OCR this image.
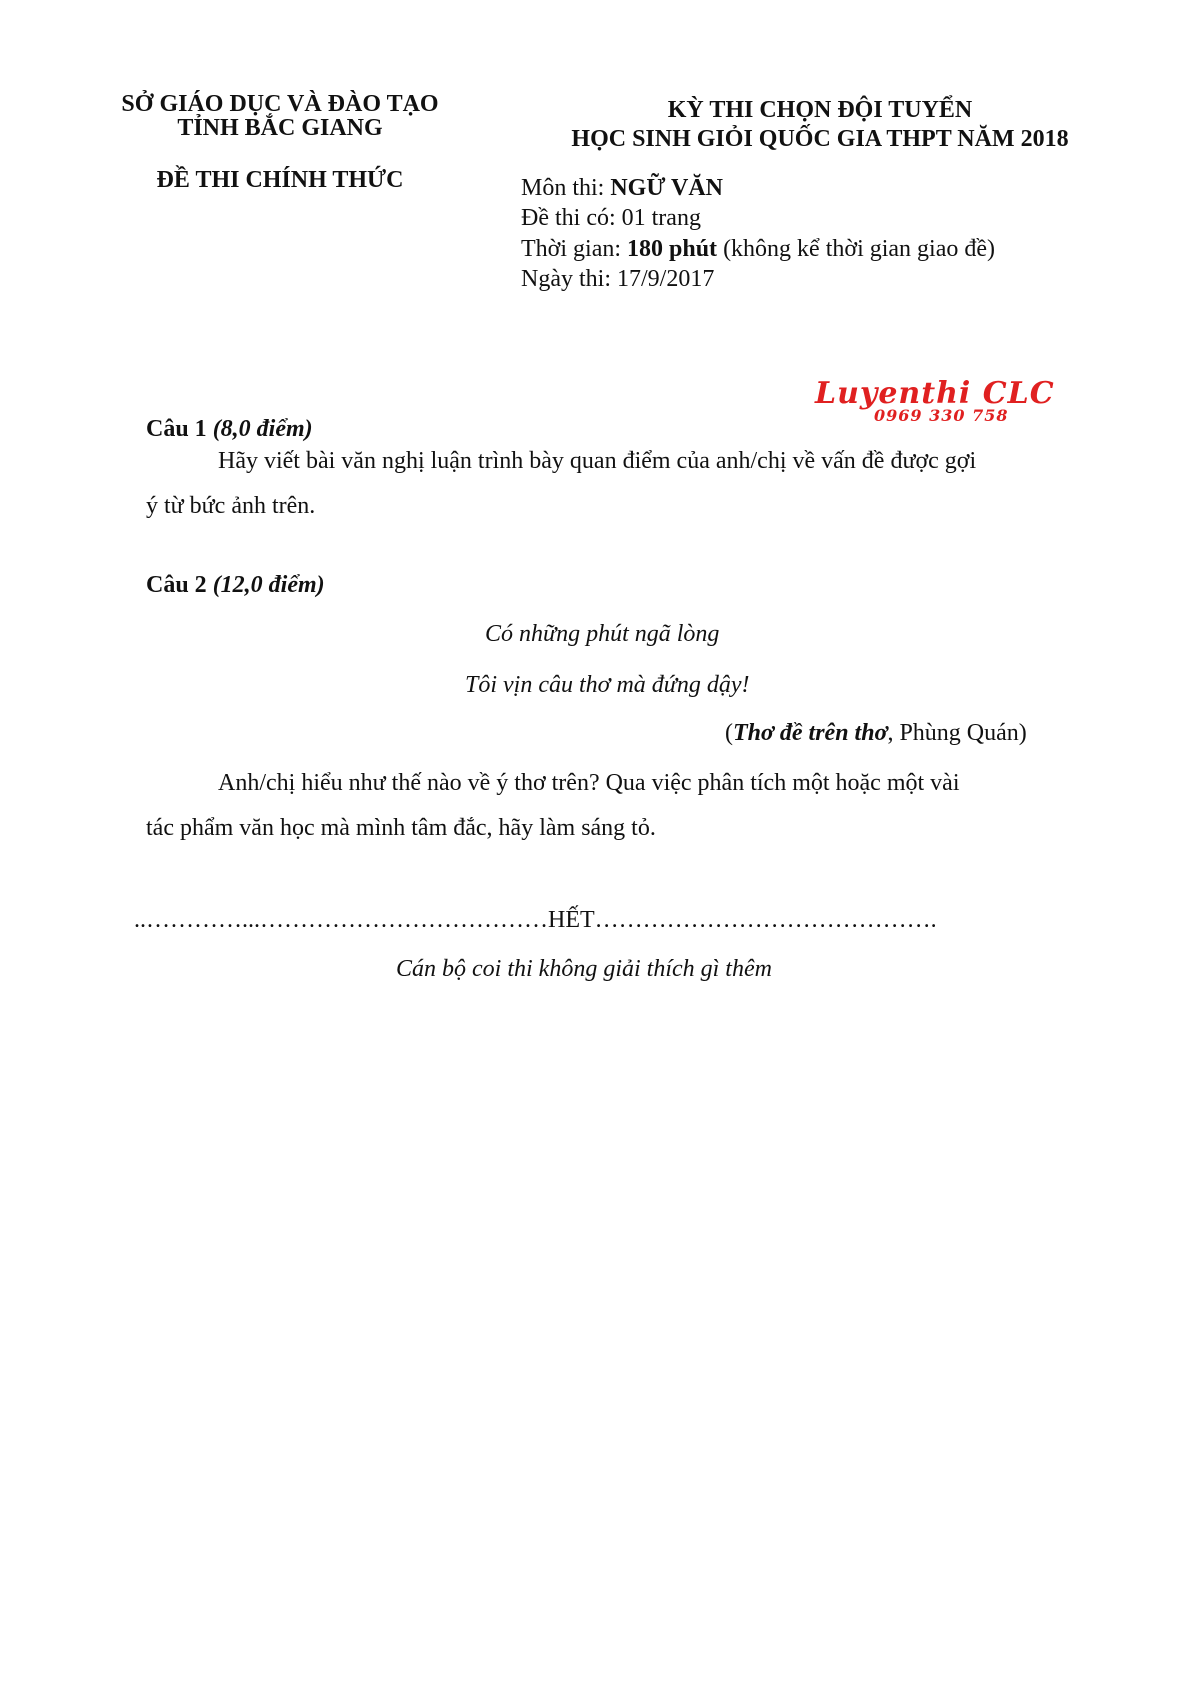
SỞ GIÁO DỤC VÀ ĐÀO TẠO
TỈNH BẮC GIANG
ĐỀ THI CHÍNH THỨC
KỲ THI CHỌN ĐỘI TUYỂN
HỌC SINH GIỎI QUỐC GIA THPT NĂM 2018
Môn thi: NGỮ VĂN
Đề thi có: 01 trang
Thời gian: 180 phút (không kể thời gian giao đề)
Ngày thi: 17/9/2017
Luyenthi CLC
0969 330 758
Câu 1 (8,0 điểm)
Hãy viết bài văn nghị luận trình bày quan điểm của anh/chị về vấn đề được gợi
ý từ bức ảnh trên.
Câu 2 (12,0 điểm)
Có những phút ngã lòng
Tôi vịn câu thơ mà đứng dậy!
(Thơ đề trên thơ, Phùng Quán)
Anh/chị hiểu như thế nào về ý thơ trên? Qua việc phân tích một hoặc một vài
tác phẩm văn học mà mình tâm đắc, hãy làm sáng tỏ.
..…………...………………………………HẾT…………………………………….
Cán bộ coi thi không giải thích gì thêm
